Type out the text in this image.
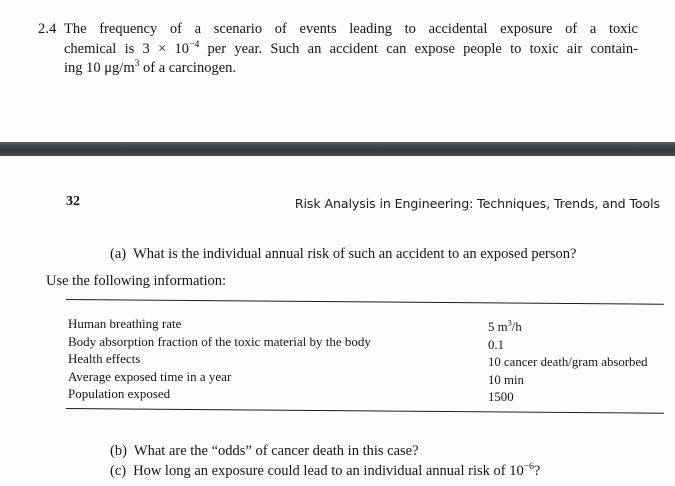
2.4 The frequency of a scenario of events leading to accidental exposure of a toxic
chemical is $3 \times 10^{-4}$ per year. Such an accident can expose people to toxic air contain-
ing 10 $\mu g/m^3$ of a carcinogen.
32	Risk Analysis in Engineering: Techniques, Trends, and Tools
(a) What is the individual annual risk of such an accident to an exposed person?
Use the following information:
Human breathing rate
Body absorption fraction of the toxic material by the body
Health effects
Average exposed time in a year
Population exposed
5 $m^3/h$
0.1
10 cancer death/gram absorbed
10 min
1500
(b) What are the “odds” of cancer death in this case?
(c) How long an exposure could lead to an individual annual risk of $10^{-6}$?
